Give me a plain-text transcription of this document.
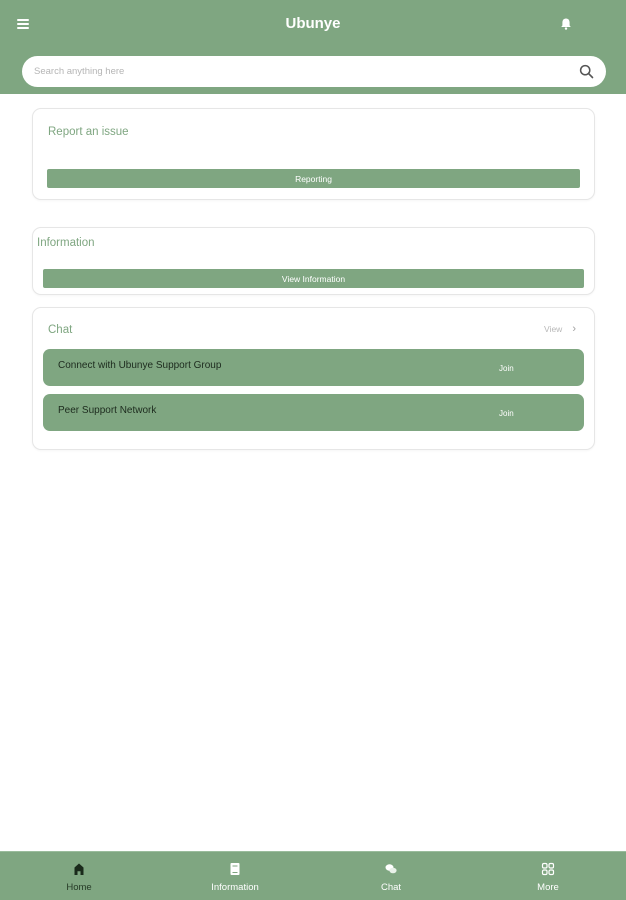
Ubunye
Search anything here
Report an issue
Reporting
Information
View Information
Chat	View ›
Connect with Ubunye Support Group	Join
Peer Support Network	Join
Home	Information	Chat	More
